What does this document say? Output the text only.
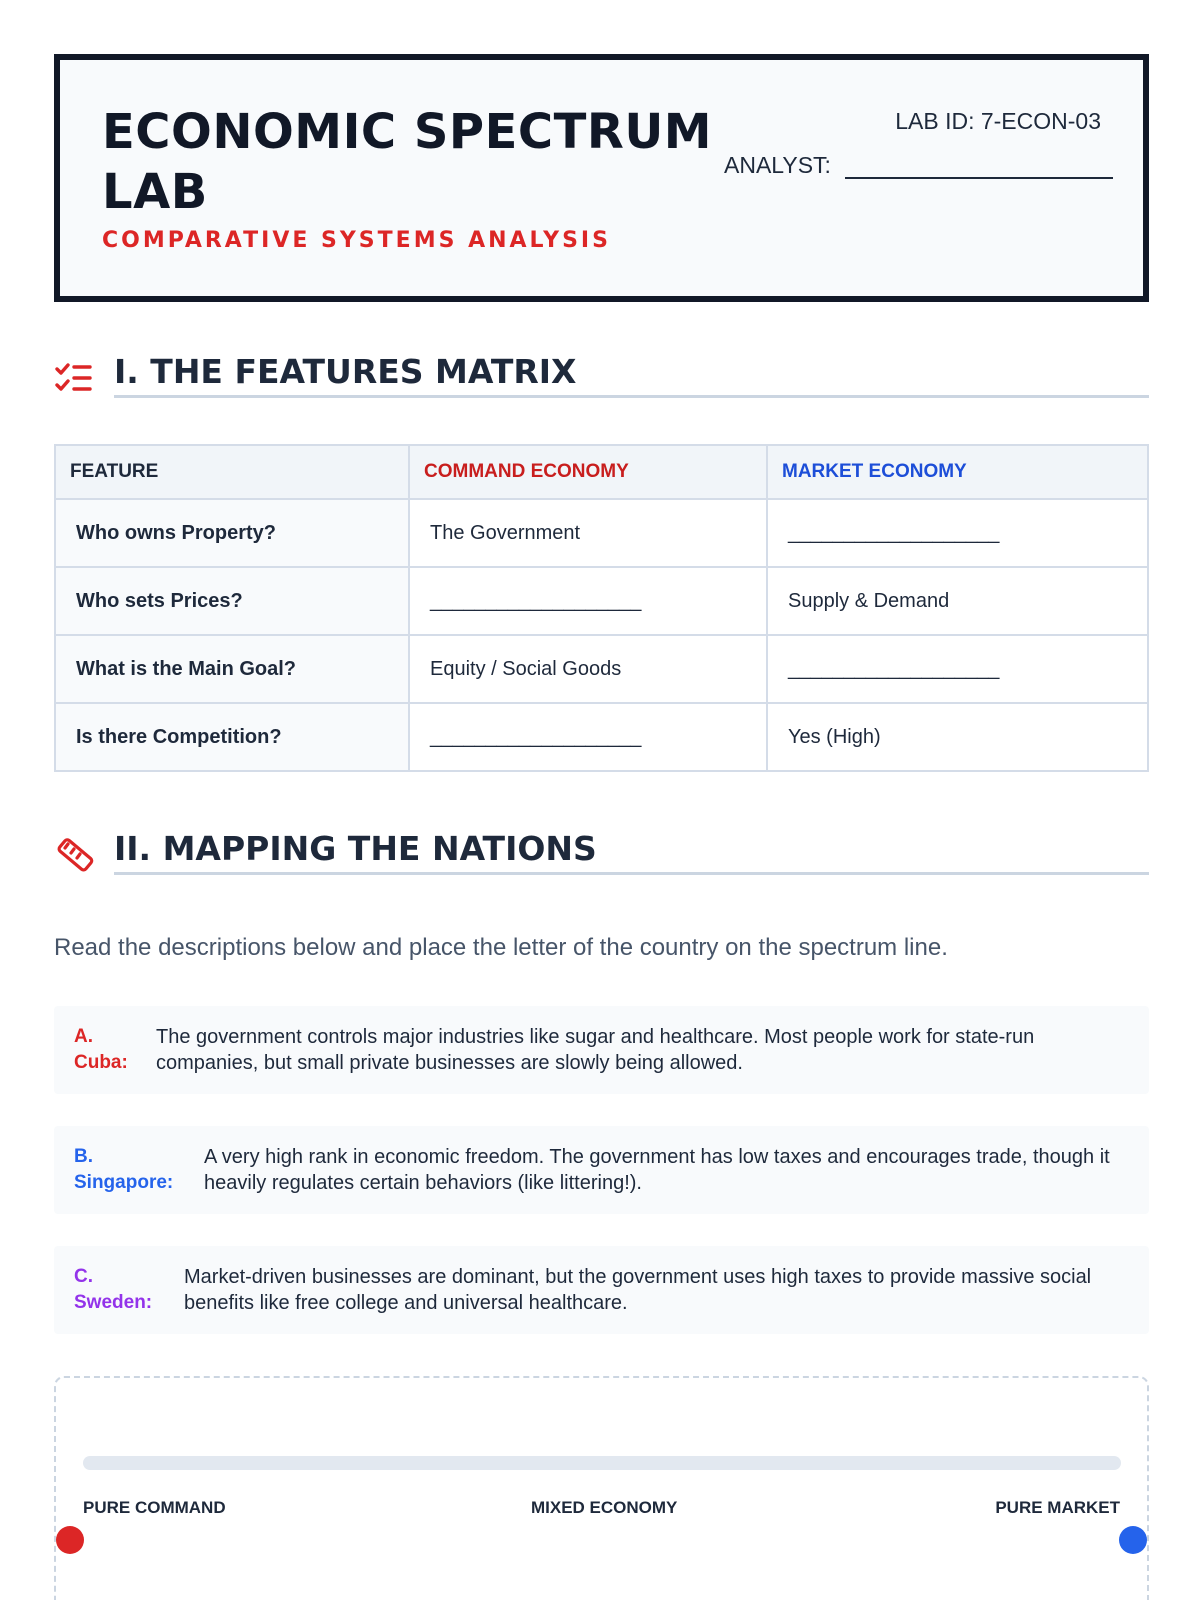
ECONOMIC SPECTRUM LAB
COMPARATIVE SYSTEMS ANALYSIS
LAB ID: 7-ECON-03
ANALYST:
I. THE FEATURES MATRIX
FEATURE	COMMAND ECONOMY	MARKET ECONOMY
Who owns Property?	The Government	___________________
Who sets Prices?	___________________	Supply & Demand
What is the Main Goal?	Equity / Social Goods	___________________
Is there Competition?	___________________	Yes (High)
II. MAPPING THE NATIONS
Read the descriptions below and place the letter of the country on the spectrum line.
A.
Cuba:
The government controls major industries like sugar and healthcare. Most people work for state-run companies, but small private businesses are slowly being allowed.
B.
Singapore:
A very high rank in economic freedom. The government has low taxes and encourages trade, though it heavily regulates certain behaviors (like littering!).
C.
Sweden:
Market-driven businesses are dominant, but the government uses high taxes to provide massive social benefits like free college and universal healthcare.
PURE COMMAND	MIXED ECONOMY	PURE MARKET
